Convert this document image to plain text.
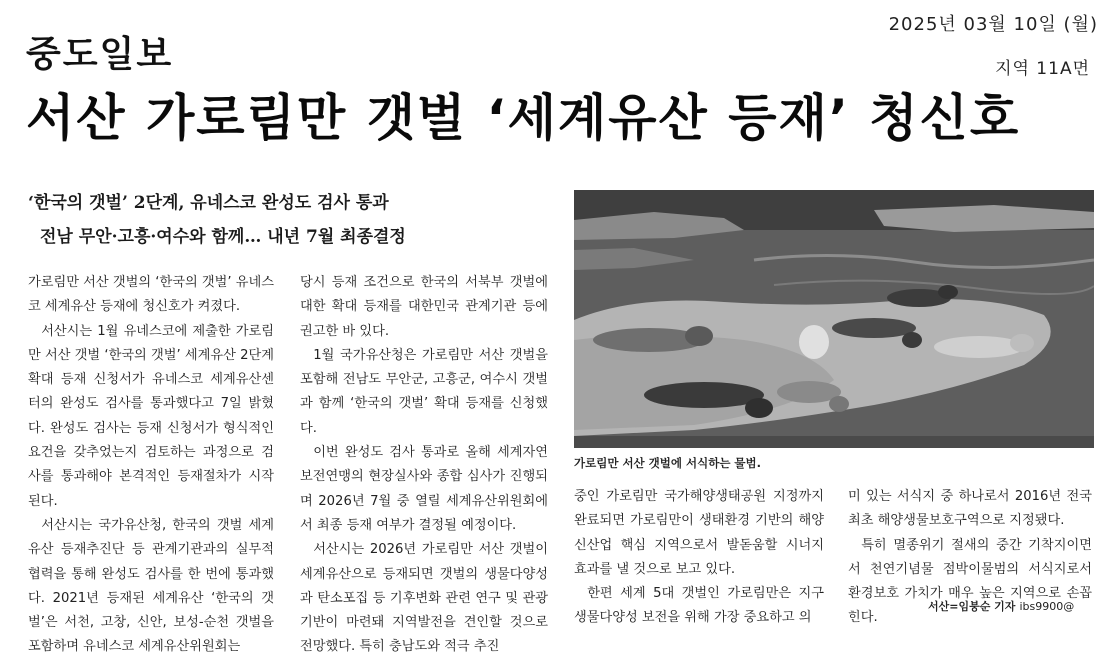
2025년 03월 10일 (월)
중도일보	지역 11A면
서산 가로림만 갯벌 ‘세계유산 등재’ 청신호
‘한국의 갯벌’ 2단계, 유네스코 완성도 검사 통과
전남 무안·고흥·여수와 함께… 내년 7월 최종결정

가로림만 서산 갯벌의 ‘한국의 갯벌’ 유네스코 세계유산 등재에 청신호가 켜졌다.

서산시는 1월 유네스코에 제출한 가로림만 서산 갯벌 ‘한국의 갯벌’ 세계유산 2단계 확대 등재 신청서가 유네스코 세계유산센터의 완성도 검사를 통과했다고 7일 밝혔다. 완성도 검사는 등재 신청서가 형식적인 요건을 갖추었는지 검토하는 과정으로 검사를 통과해야 본격적인 등재절차가 시작된다.

서산시는 국가유산청, 한국의 갯벌 세계유산 등재추진단 등 관계기관과의 실무적 협력을 통해 완성도 검사를 한 번에 통과했다. 2021년 등재된 세계유산 ‘한국의 갯벌’은 서천, 고창, 신안, 보성-순천 갯벌을 포함하며 유네스코 세계유산위원회는

당시 등재 조건으로 한국의 서북부 갯벌에 대한 확대 등재를 대한민국 관계기관 등에 권고한 바 있다.

1월 국가유산청은 가로림만 서산 갯벌을 포함해 전남도 무안군, 고흥군, 여수시 갯벌과 함께 ‘한국의 갯벌’ 확대 등재를 신청했다.

이번 완성도 검사 통과로 올해 세계자연보전연맹의 현장실사와 종합 심사가 진행되며 2026년 7월 중 열릴 세계유산위원회에서 최종 등재 여부가 결정될 예정이다.

서산시는 2026년 가로림만 서산 갯벌이 세계유산으로 등재되면 갯벌의 생물다양성과 탄소포집 등 기후변화 관련 연구 및 관광 기반이 마련돼 지역발전을 견인할 것으로 전망했다. 특히 충남도와 적극 추진

가로림만 서산 갯벌에 서식하는 물범.

중인 가로림만 국가해양생태공원 지정까지 완료되면 가로림만이 생태환경 기반의 해양 신산업 핵심 지역으로서 발돋움할 시너지 효과를 낼 것으로 보고 있다.

한편 세계 5대 갯벌인 가로림만은 지구 생물다양성 보전을 위해 가장 중요하고 의

미 있는 서식지 중 하나로서 2016년 전국 최초 해양생물보호구역으로 지정됐다.

특히 멸종위기 절새의 중간 기착지이면서 천연기념물 점박이물범의 서식지로서 환경보호 가치가 매우 높은 지역으로 손꼽힌다.

서산=임붕순 기자 ibs9900@
